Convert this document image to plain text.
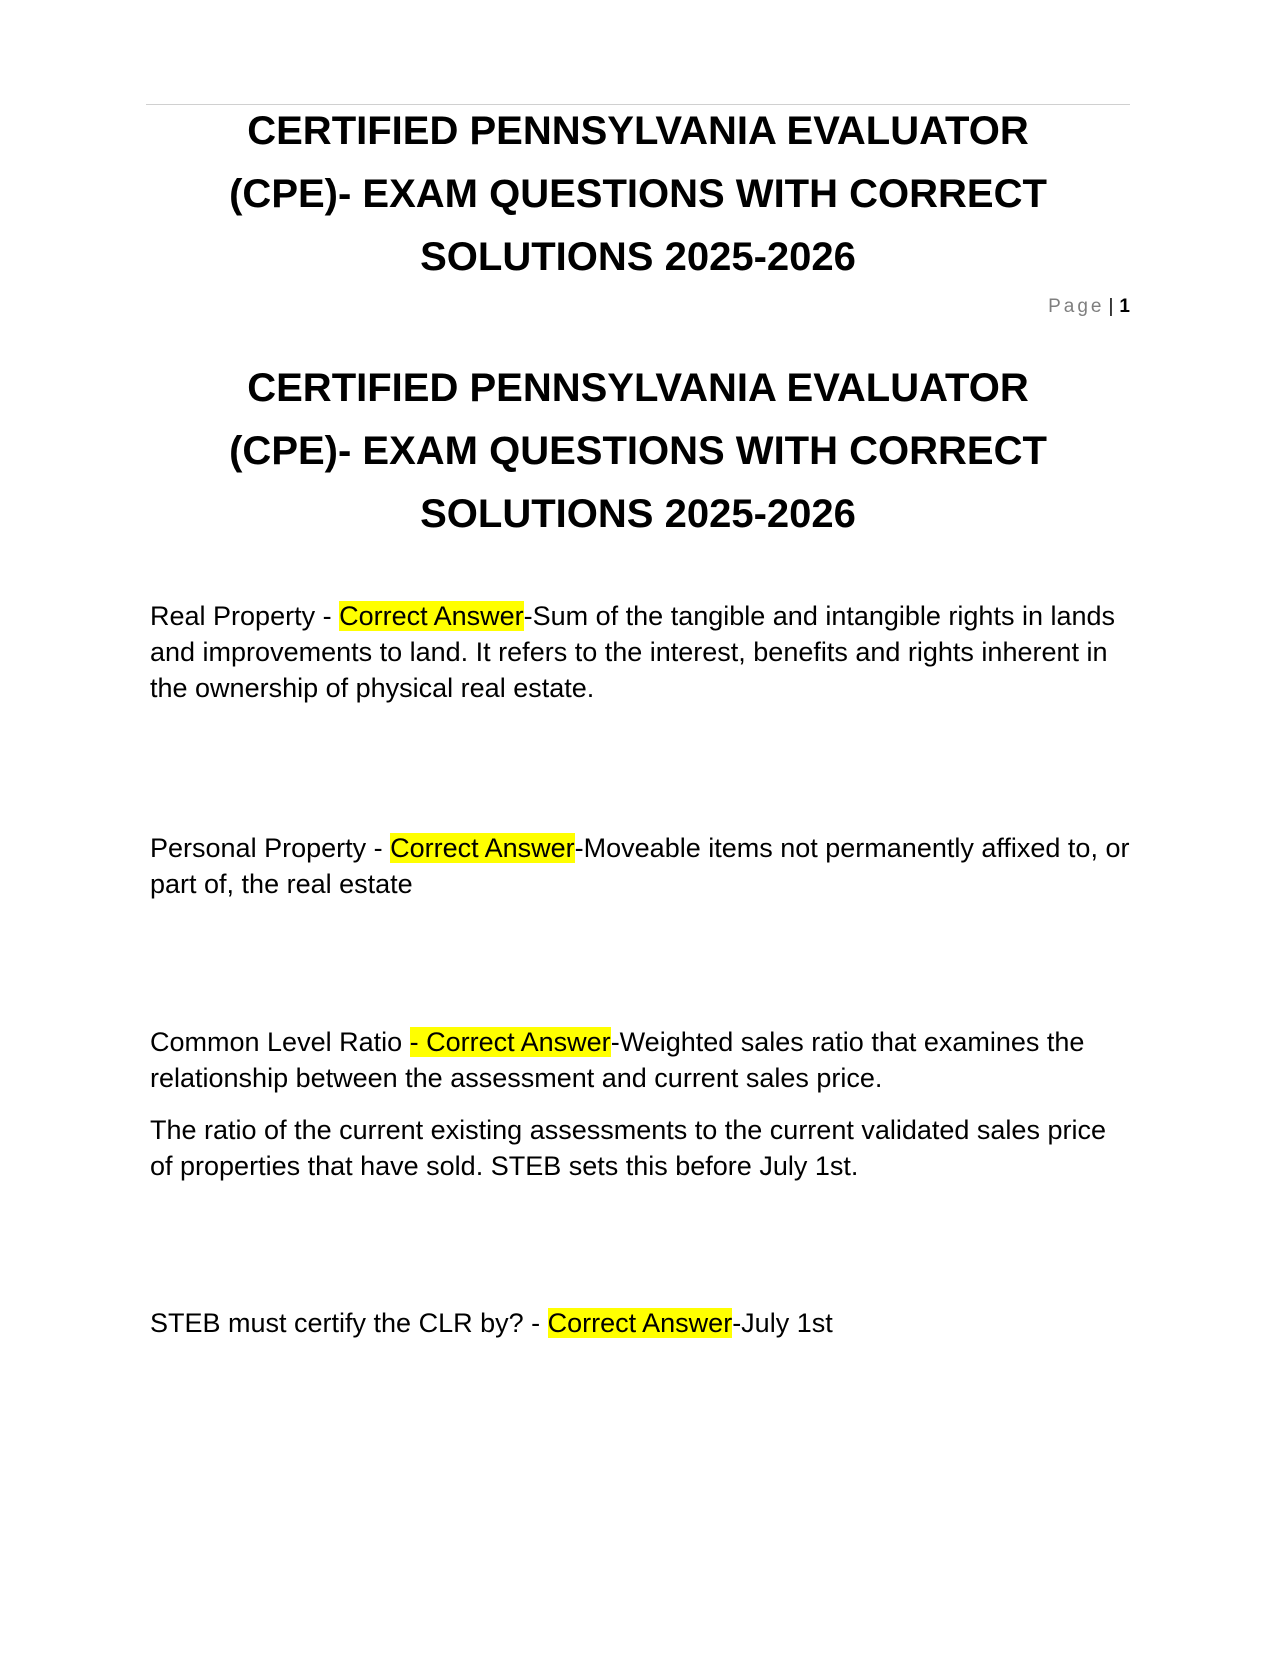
CERTIFIED PENNSYLVANIA EVALUATOR
(CPE)- EXAM QUESTIONS WITH CORRECT
SOLUTIONS 2025-2026
Page | 1
CERTIFIED PENNSYLVANIA EVALUATOR
(CPE)- EXAM QUESTIONS WITH CORRECT
SOLUTIONS 2025-2026

Real Property - Correct Answer-Sum of the tangible and intangible rights in lands and improvements to land. It refers to the interest, benefits and rights inherent in the ownership of physical real estate.

Personal Property - Correct Answer-Moveable items not permanently affixed to, or part of, the real estate

Common Level Ratio - Correct Answer-Weighted sales ratio that examines the relationship between the assessment and current sales price.

The ratio of the current existing assessments to the current validated sales price of properties that have sold. STEB sets this before July 1st.

STEB must certify the CLR by? - Correct Answer-July 1st
